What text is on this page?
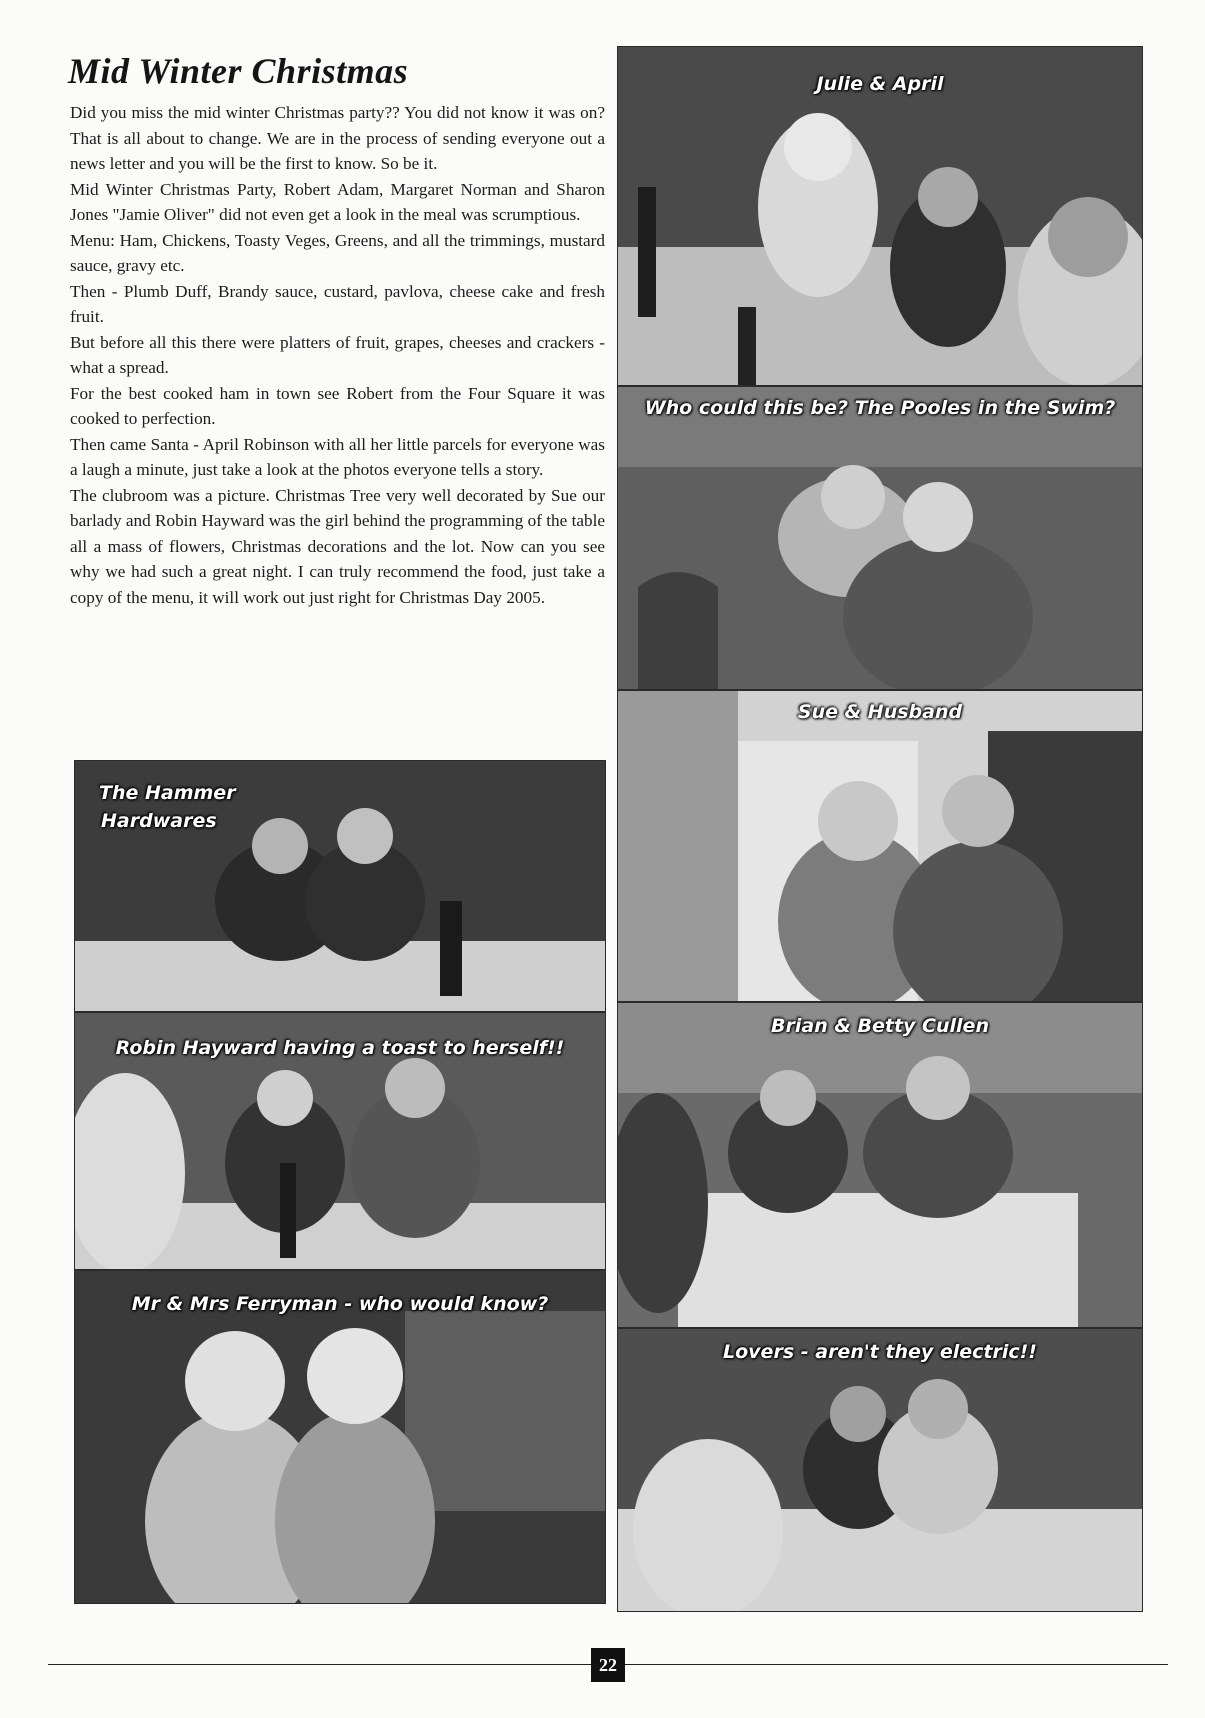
Mid Winter Christmas

Did you miss the mid winter Christmas party?? You did not know it was on? That is all about to change. We are in the process of sending everyone out a news letter and you will be the first to know. So be it.

Mid Winter Christmas Party, Robert Adam, Margaret Norman and Sharon Jones "Jamie Oliver" did not even get a look in the meal was scrumptious.

Menu: Ham, Chickens, Toasty Veges, Greens, and all the trimmings, mustard sauce, gravy etc.

Then - Plumb Duff, Brandy sauce, custard, pavlova, cheese cake and fresh fruit.

But before all this there were platters of fruit, grapes, cheeses and crackers - what a spread.

For the best cooked ham in town see Robert from the Four Square it was cooked to perfection.

Then came Santa - April Robinson with all her little parcels for everyone was a laugh a minute, just take a look at the photos everyone tells a story.

The clubroom was a picture. Christmas Tree very well decorated by Sue our barlady and Robin Hayward was the girl behind the programming of the table all a mass of flowers, Christmas decorations and the lot. Now can you see why we had such a great night. I can truly recommend the food, just take a copy of the menu, it will work out just right for Christmas Day 2005.

Julie & April
Who could this be? The Pooles in the Swim?
Sue & Husband
Brian & Betty Cullen
Lovers - aren't they electric!!
The Hammer
Hardwares
Robin Hayward having a toast to herself!!
Mr & Mrs Ferryman - who would know?
22
